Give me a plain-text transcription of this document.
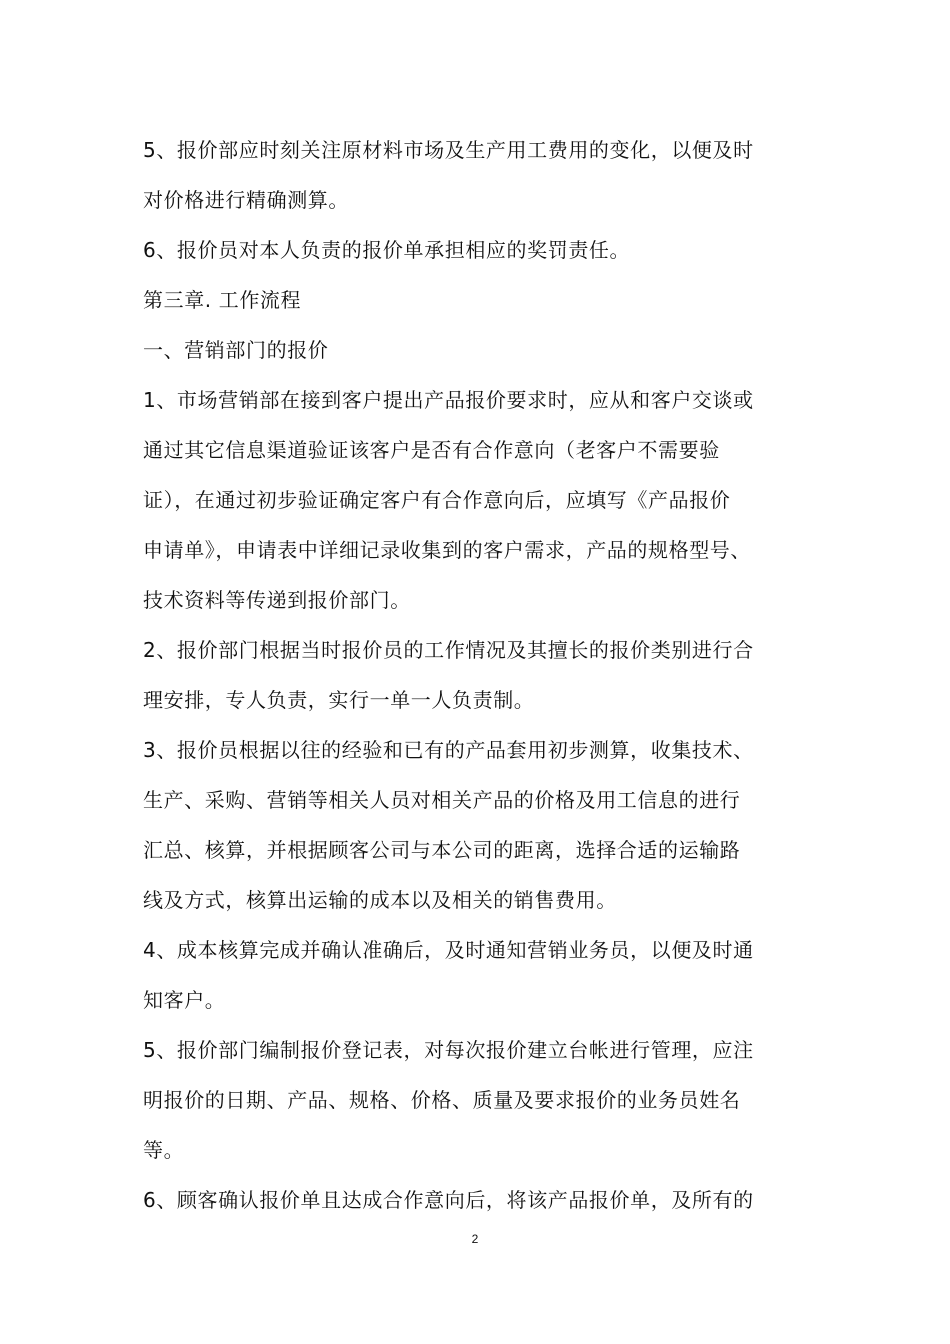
5、报价部应时刻关注原材料市场及生产用工费用的变化，以便及时
对价格进行精确测算。
6、报价员对本人负责的报价单承担相应的奖罚责任。
第三章. 工作流程
一、营销部门的报价
1、市场营销部在接到客户提出产品报价要求时，应从和客户交谈或
通过其它信息渠道验证该客户是否有合作意向（老客户不需要验
证），在通过初步验证确定客户有合作意向后，应填写《产品报价
申请单》，申请表中详细记录收集到的客户需求，产品的规格型号、
技术资料等传递到报价部门。
2、报价部门根据当时报价员的工作情况及其擅长的报价类别进行合
理安排，专人负责，实行一单一人负责制。
3、报价员根据以往的经验和已有的产品套用初步测算，收集技术、
生产、采购、营销等相关人员对相关产品的价格及用工信息的进行
汇总、核算，并根据顾客公司与本公司的距离，选择合适的运输路
线及方式，核算出运输的成本以及相关的销售费用。
4、成本核算完成并确认准确后，及时通知营销业务员，以便及时通
知客户。
5、报价部门编制报价登记表，对每次报价建立台帐进行管理，应注
明报价的日期、产品、规格、价格、质量及要求报价的业务员姓名
等。
6、顾客确认报价单且达成合作意向后，将该产品报价单，及所有的
2
